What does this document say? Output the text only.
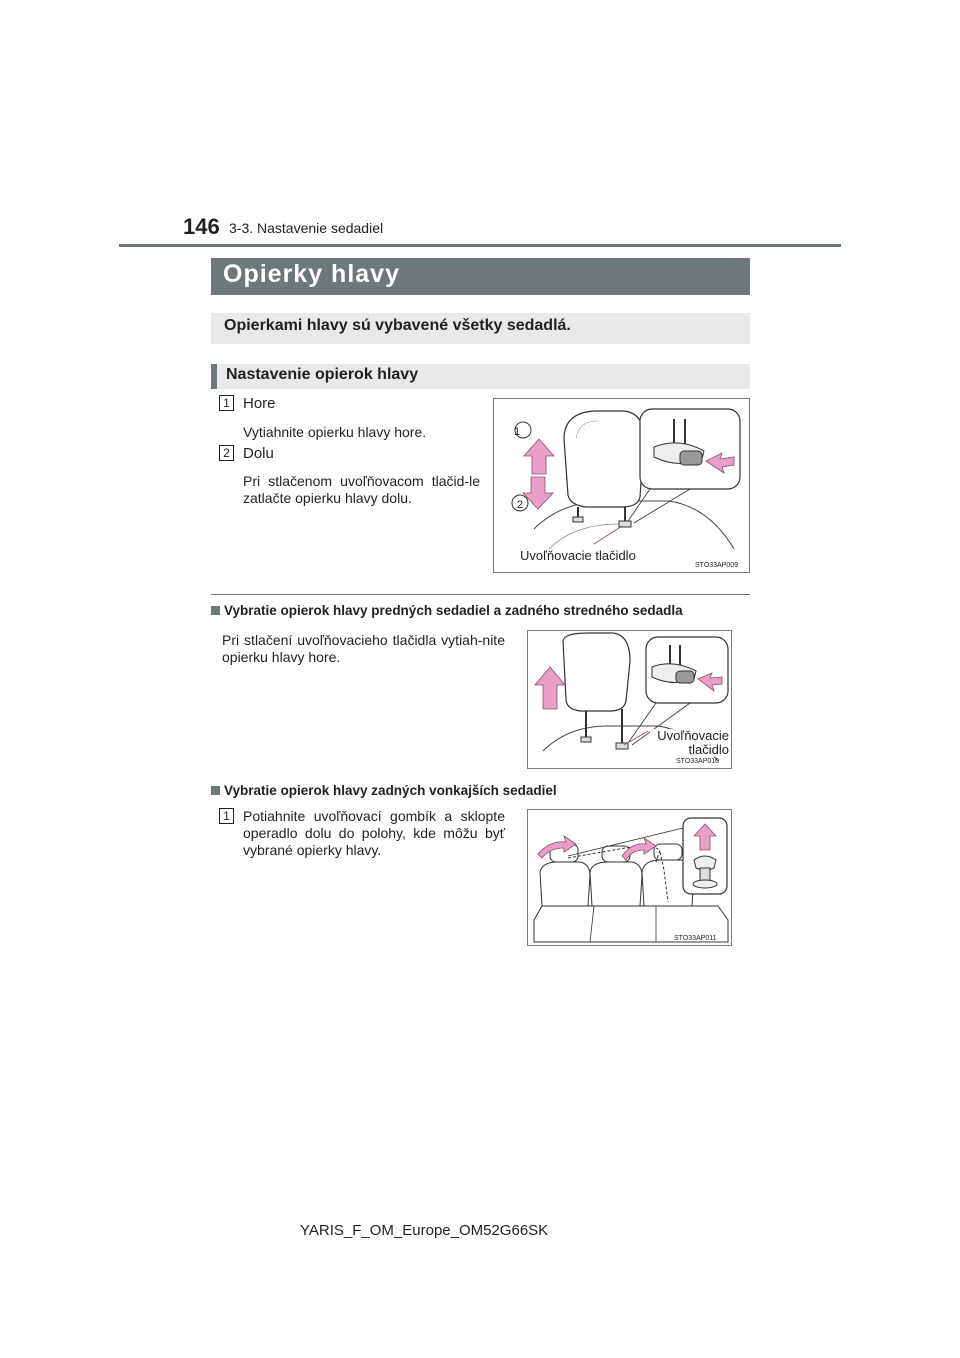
146 3-3. Nastavenie sedadiel
Opierky hlavy
Opierkami hlavy sú vybavené všetky sedadlá.
Nastavenie opierok hlavy
1 Hore
Vytiahnite opierku hlavy hore.
2 Dolu
Pri stlačenom uvoľňovacom tlačid-le zatlačte opierku hlavy dolu.
1
2
Uvoľňovacie tlačidlo
STO33AP009
Vybratie opierok hlavy predných sedadiel a zadného stredného sedadla
Pri stlačení uvoľňovacieho tlačidla vytiah-nite opierku hlavy hore.
Uvoľňovacie
tlačidlo
STO33AP010
Vybratie opierok hlavy zadných vonkajších sedadiel
1 Potiahnite uvoľňovací gombík a sklopte operadlo dolu do polohy, kde môžu byť vybrané opierky hlavy.
STO33AP011
YARIS_F_OM_Europe_OM52G66SK
